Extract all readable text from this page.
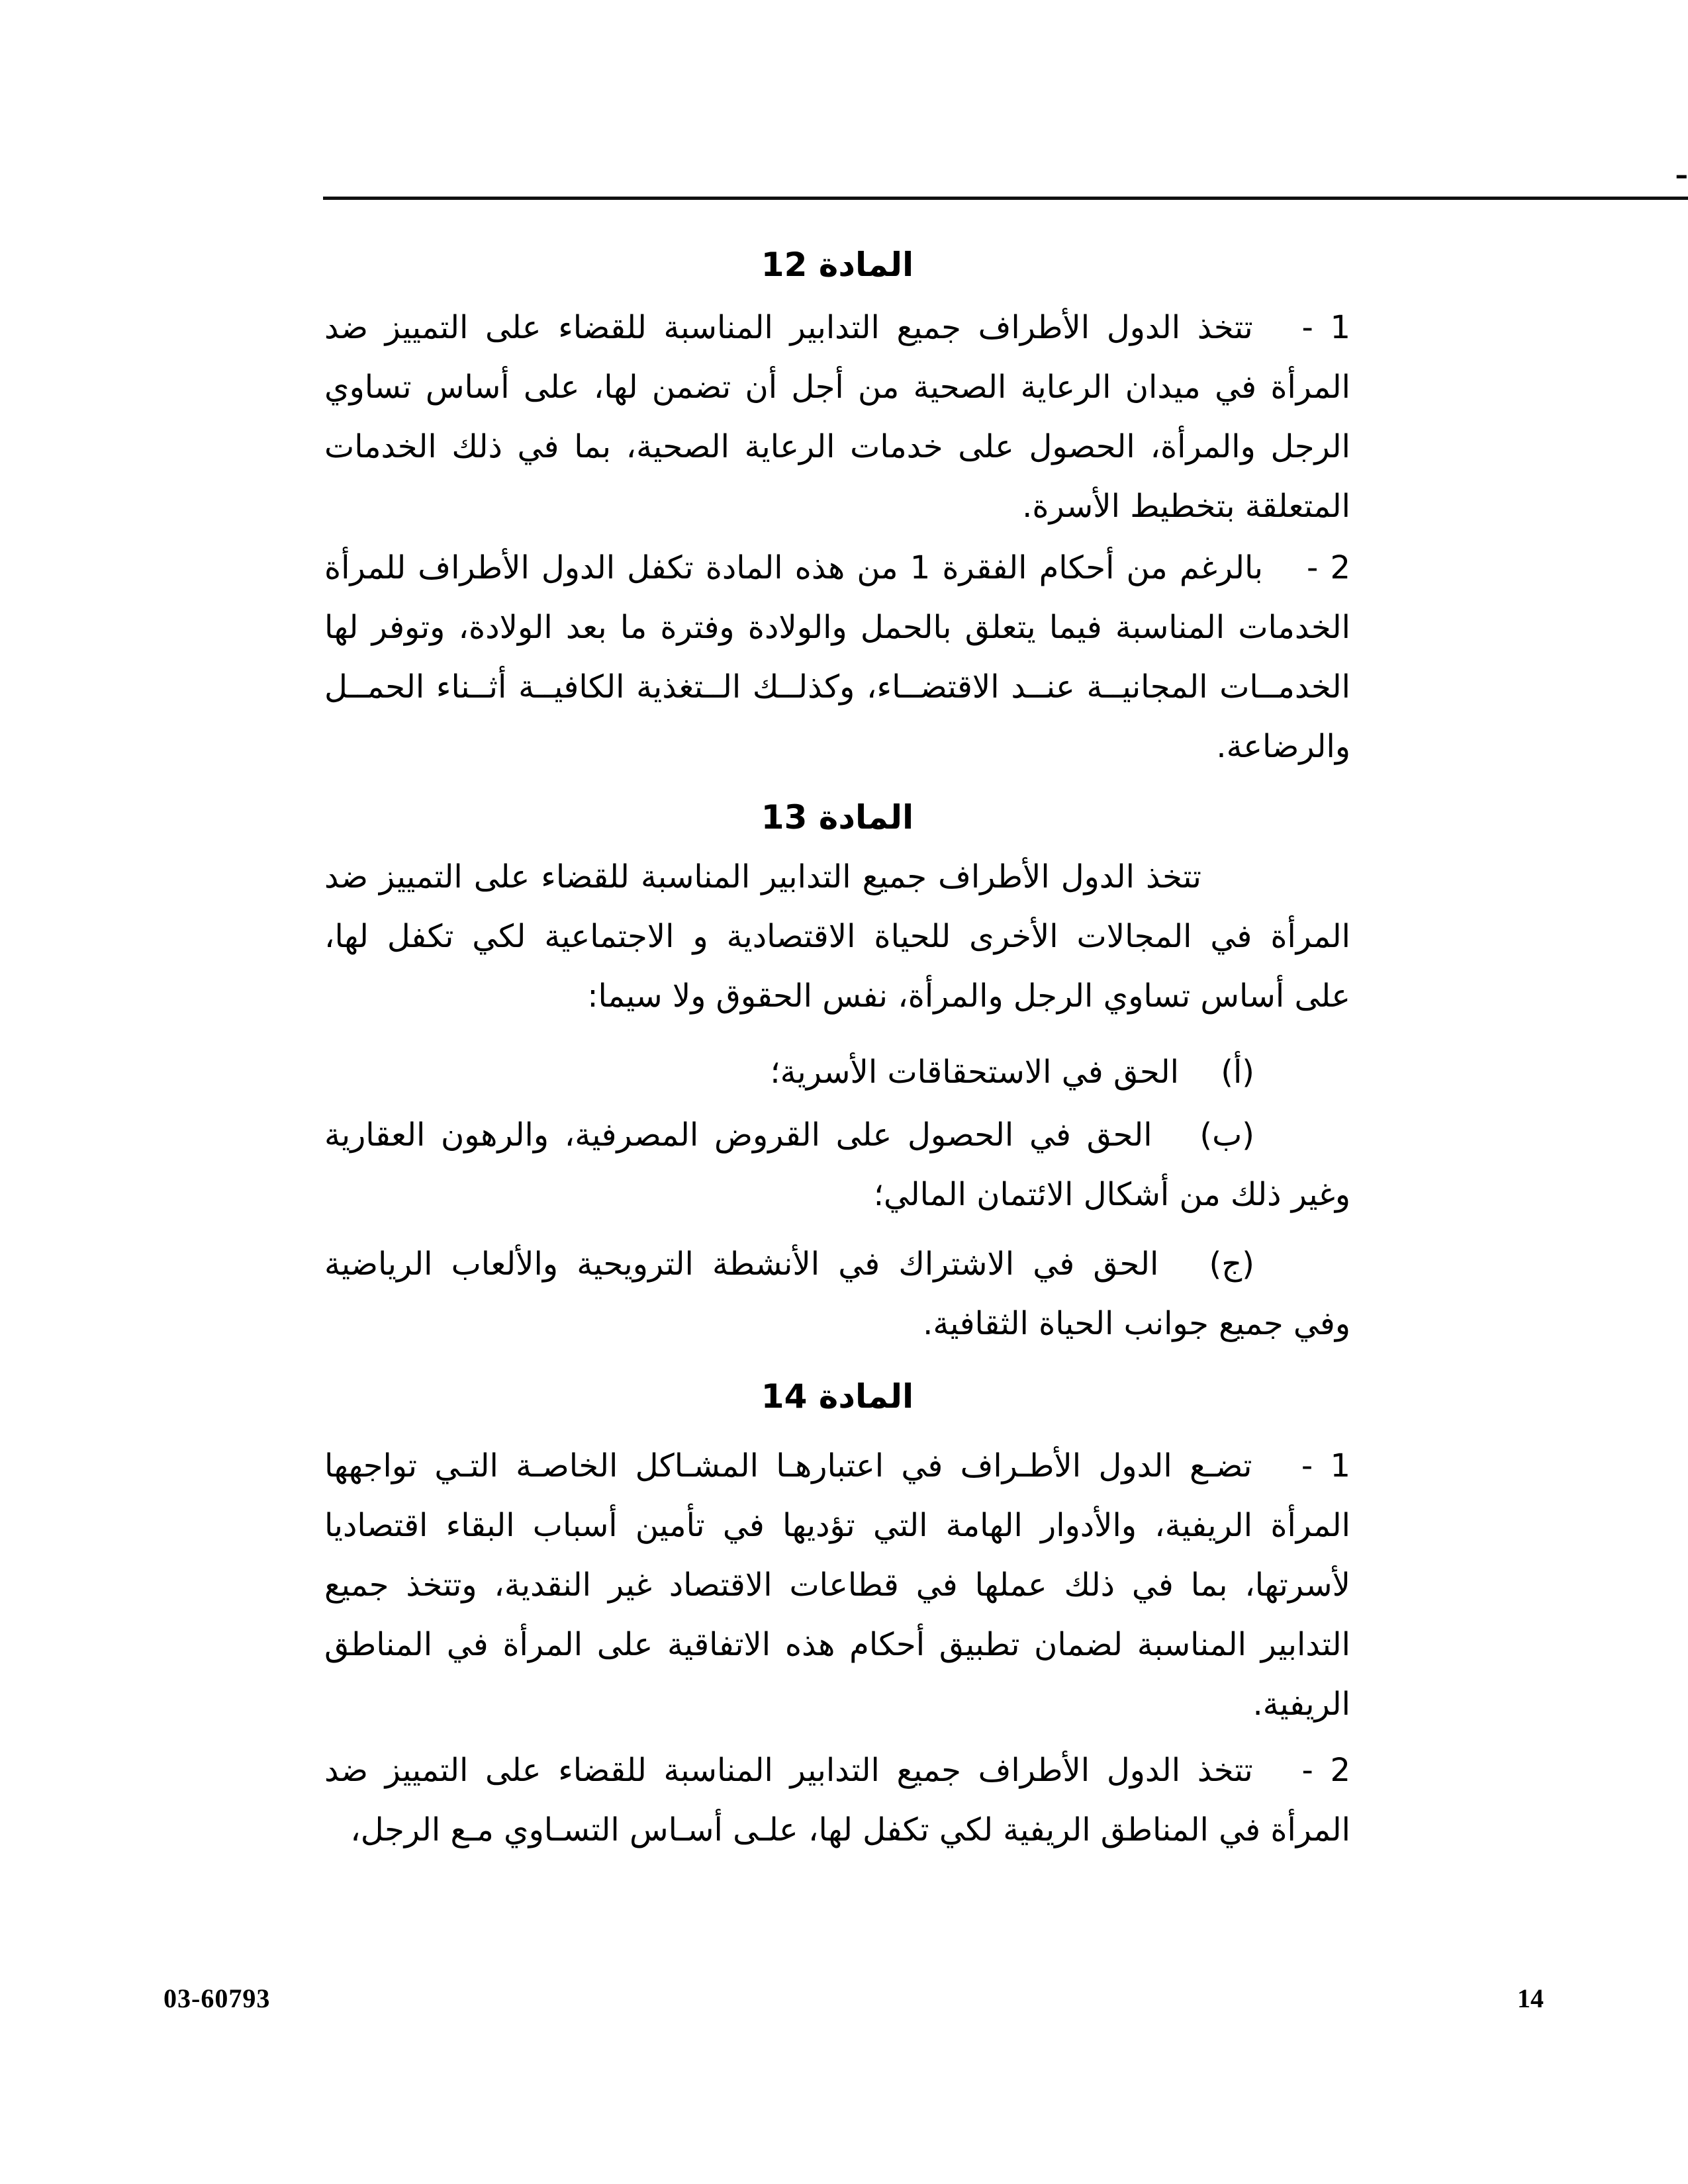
-
المادة 12
1 -  تتخذ الدول الأطراف جميع التدابير المناسبة للقضاء على التمييز ضد
المرأة في ميدان الرعاية الصحية من أجل أن تضمن لها، على أساس تساوي
الرجل والمرأة، الحصول على خدمات الرعاية الصحية، بما في ذلك الخدمات
المتعلقة بتخطيط الأسرة.
2 -  بالرغم من أحكام الفقرة 1 من هذه المادة تكفل الدول الأطراف للمرأة
الخدمات المناسبة فيما يتعلق بالحمل والولادة وفترة ما بعد الولادة، وتوفر لها
الخدمــات المجانيــة عنــد الاقتضــاء، وكذلــك الــتغذية الكافيــة أثــناء الحمــل
والرضاعة.
المادة 13
تتخذ الدول الأطراف جميع التدابير المناسبة للقضاء على التمييز ضد
المرأة في المجالات الأخرى للحياة الاقتصادية و الاجتماعية لكي تكفل لها،
على أساس تساوي الرجل والمرأة، نفس الحقوق ولا سيما:
(أ)  الحق في الاستحقاقات الأسرية؛
(ب)  الحق في الحصول على القروض المصرفية، والرهون العقارية
وغير ذلك من أشكال الائتمان المالي؛
(ج)  الحق في الاشتراك في الأنشطة الترويحية والألعاب الرياضية
وفي جميع جوانب الحياة الثقافية.
المادة 14
1 -  تضـع الدول الأطـراف في اعتبارهـا المشـاكل الخاصـة التـي تواجهها
المرأة الريفية، والأدوار الهامة التي تؤديها في تأمين أسباب البقاء اقتصاديا
لأسرتها، بما في ذلك عملها في قطاعات الاقتصاد غير النقدية، وتتخذ جميع
التدابير المناسبة لضمان تطبيق أحكام هذه الاتفاقية على المرأة في المناطق
الريفية.
2 -  تتخذ الدول الأطراف جميع التدابير المناسبة للقضاء على التمييز ضد
المرأة في المناطق الريفية لكي تكفل لها، علـى أسـاس التسـاوي مـع الرجل،
03-60793	14
